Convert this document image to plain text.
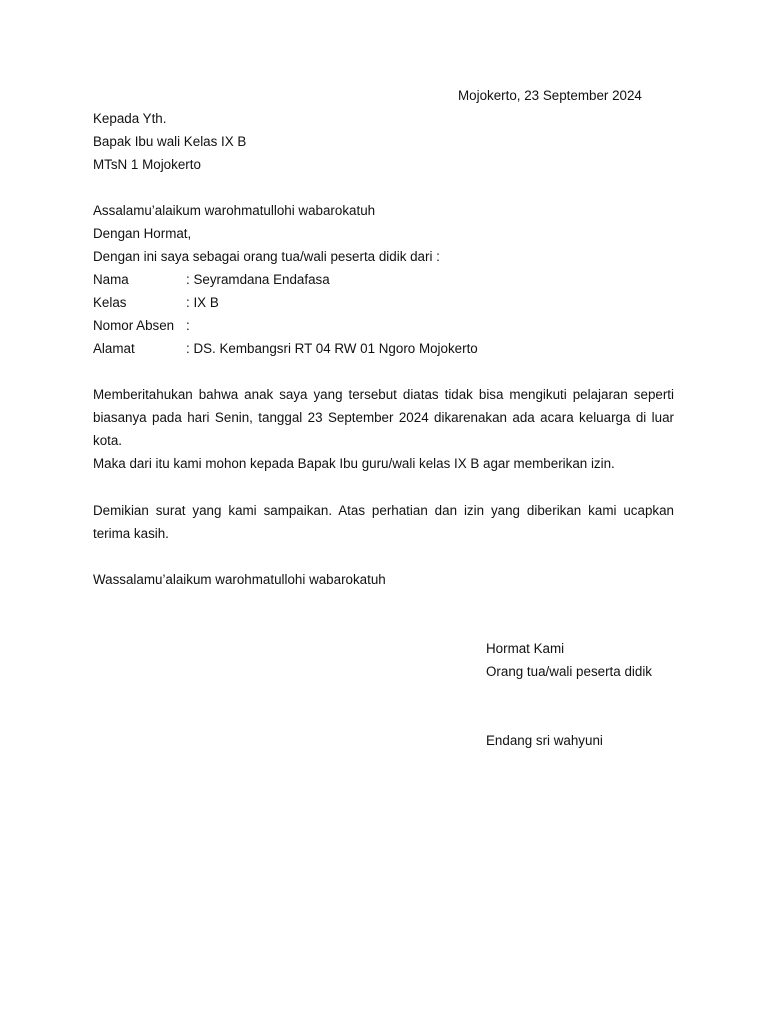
Mojokerto, 23 September 2024
Kepada Yth.
Bapak Ibu wali Kelas IX B
MTsN 1 Mojokerto
Assalamu’alaikum warohmatullohi wabarokatuh
Dengan Hormat,
Dengan ini saya sebagai orang tua/wali peserta didik dari :
Nama	: Seyramdana Endafasa
Kelas	: IX B
Nomor Absen :
Alamat	: DS. Kembangsri RT 04 RW 01 Ngoro Mojokerto
Memberitahukan bahwa anak saya yang tersebut diatas tidak bisa mengikuti pelajaran seperti biasanya pada hari Senin, tanggal 23 September 2024 dikarenakan ada acara keluarga di luar kota.
Maka dari itu kami mohon kepada Bapak Ibu guru/wali kelas IX B agar memberikan izin.
Demikian surat yang kami sampaikan. Atas perhatian dan izin yang diberikan kami ucapkan terima kasih.
Wassalamu’alaikum warohmatullohi wabarokatuh
Hormat Kami
Orang tua/wali peserta didik
Endang sri wahyuni
